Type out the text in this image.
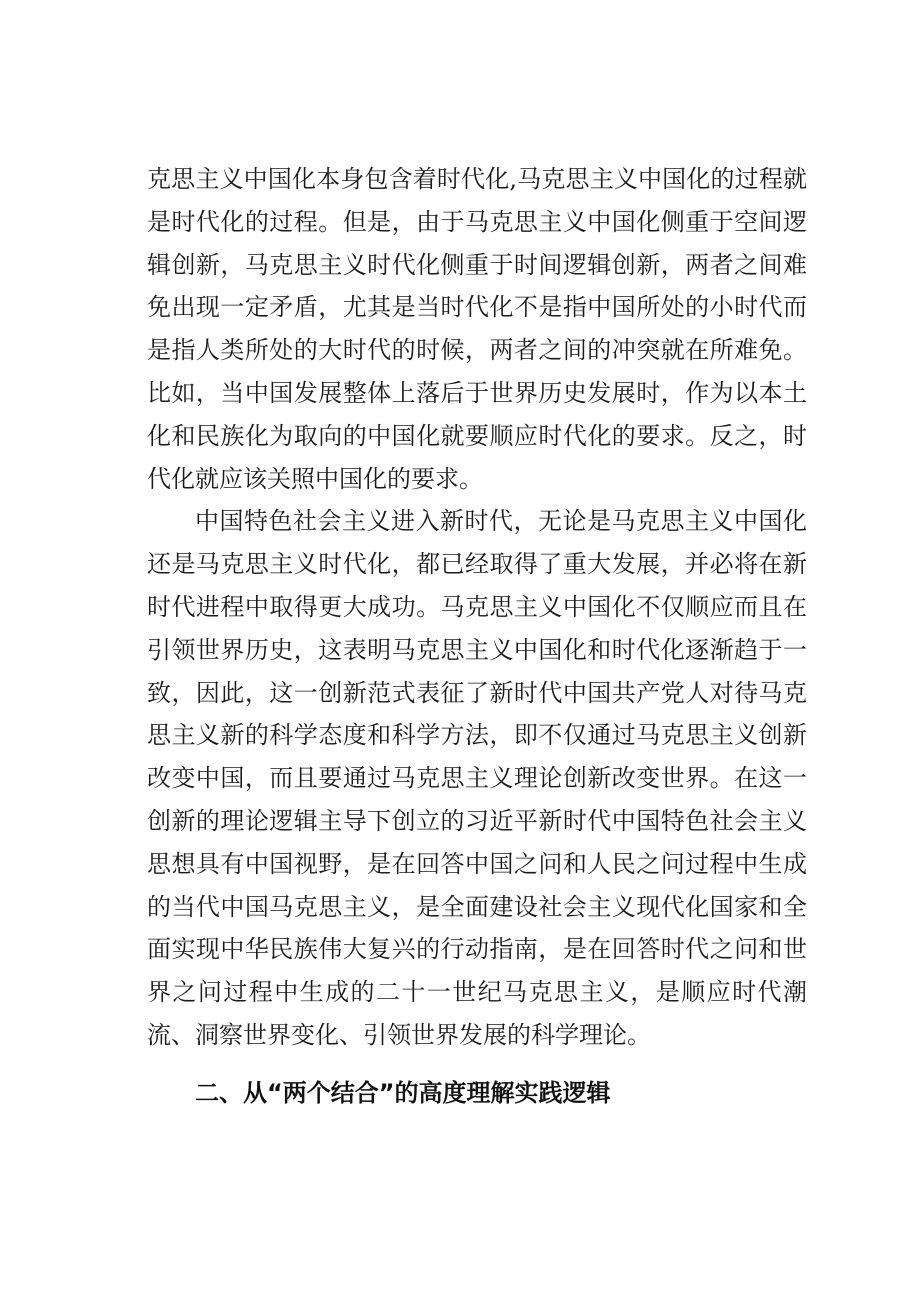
克思主义中国化本身包含着时代化,马克思主义中国化的过程就是时代化的过程。但是，由于马克思主义中国化侧重于空间逻辑创新，马克思主义时代化侧重于时间逻辑创新，两者之间难免出现一定矛盾，尤其是当时代化不是指中国所处的小时代而是指人类所处的大时代的时候，两者之间的冲突就在所难免。比如，当中国发展整体上落后于世界历史发展时，作为以本土化和民族化为取向的中国化就要顺应时代化的要求。反之，时代化就应该关照中国化的要求。

中国特色社会主义进入新时代，无论是马克思主义中国化还是马克思主义时代化，都已经取得了重大发展，并必将在新时代进程中取得更大成功。马克思主义中国化不仅顺应而且在引领世界历史，这表明马克思主义中国化和时代化逐渐趋于一致，因此，这一创新范式表征了新时代中国共产党人对待马克思主义新的科学态度和科学方法，即不仅通过马克思主义创新改变中国，而且要通过马克思主义理论创新改变世界。在这一创新的理论逻辑主导下创立的习近平新时代中国特色社会主义思想具有中国视野，是在回答中国之问和人民之问过程中生成的当代中国马克思主义，是全面建设社会主义现代化国家和全面实现中华民族伟大复兴的行动指南，是在回答时代之问和世界之问过程中生成的二十一世纪马克思主义，是顺应时代潮流、洞察世界变化、引领世界发展的科学理论。

二、从“两个结合”的高度理解实践逻辑
